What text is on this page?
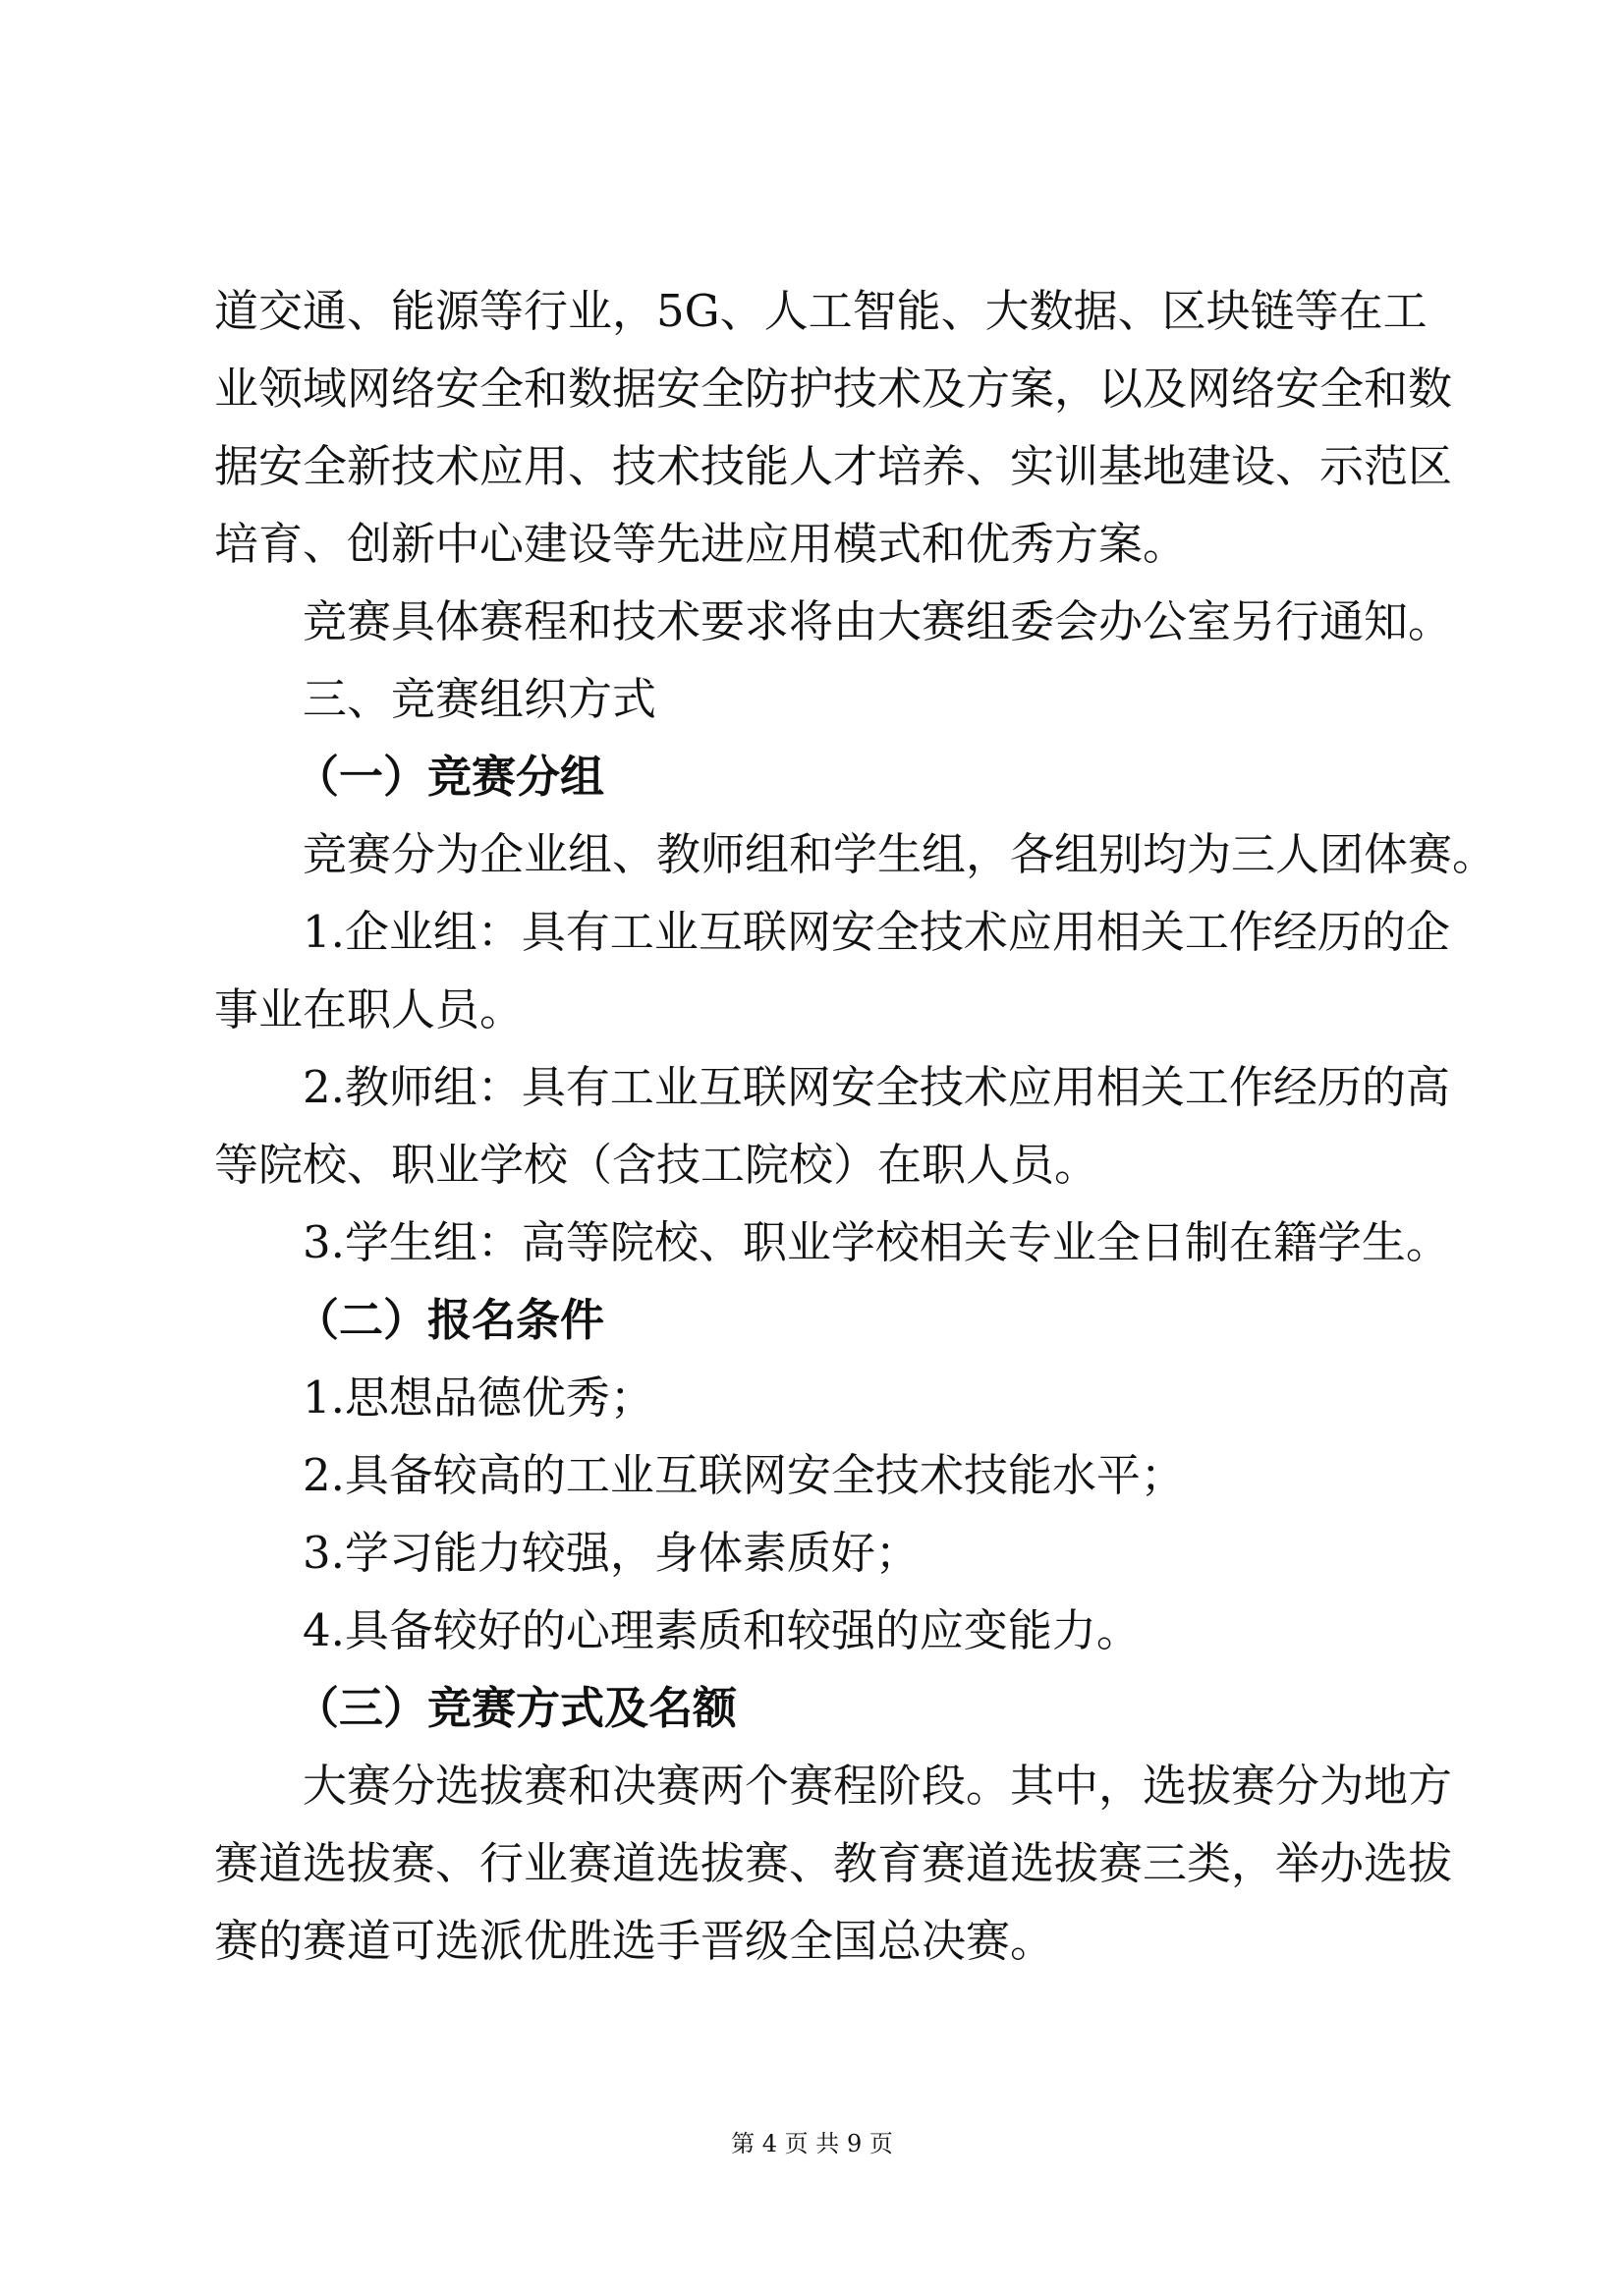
道交通、能源等行业，5G、人工智能、大数据、区块链等在工
业领域网络安全和数据安全防护技术及方案，以及网络安全和数
据安全新技术应用、技术技能人才培养、实训基地建设、示范区
培育、创新中心建设等先进应用模式和优秀方案。
竞赛具体赛程和技术要求将由大赛组委会办公室另行通知。
三、竞赛组织方式
（一）竞赛分组
竞赛分为企业组、教师组和学生组，各组别均为三人团体赛。
1.企业组：具有工业互联网安全技术应用相关工作经历的企
事业在职人员。
2.教师组：具有工业互联网安全技术应用相关工作经历的高
等院校、职业学校（含技工院校）在职人员。
3.学生组：高等院校、职业学校相关专业全日制在籍学生。
（二）报名条件
1.思想品德优秀；
2.具备较高的工业互联网安全技术技能水平；
3.学习能力较强，身体素质好；
4.具备较好的心理素质和较强的应变能力。
（三）竞赛方式及名额
大赛分选拔赛和决赛两个赛程阶段。其中，选拔赛分为地方
赛道选拔赛、行业赛道选拔赛、教育赛道选拔赛三类，举办选拔
赛的赛道可选派优胜选手晋级全国总决赛。
第 4 页 共 9 页
